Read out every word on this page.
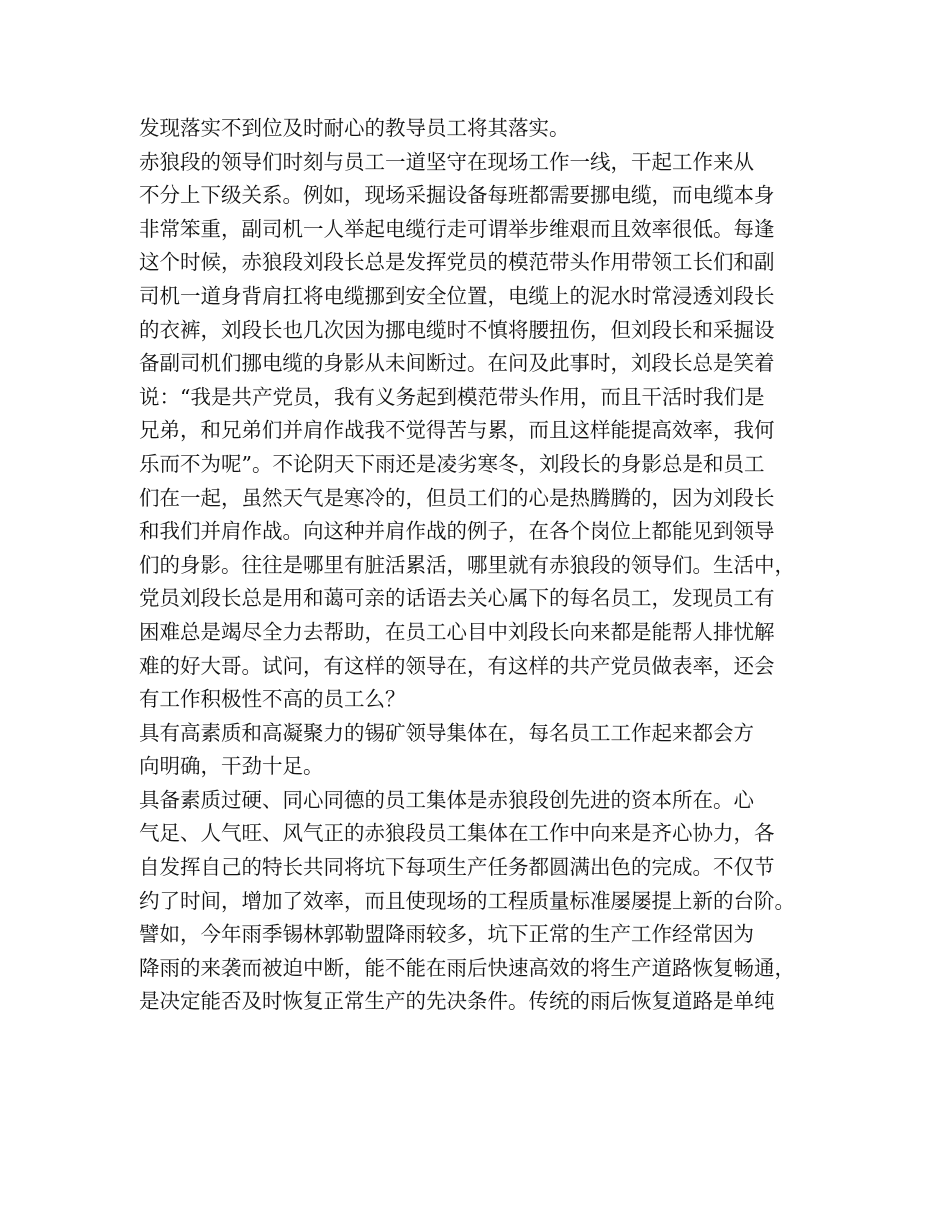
发现落实不到位及时耐心的教导员工将其落实。
赤狼段的领导们时刻与员工一道坚守在现场工作一线，干起工作来从
不分上下级关系。例如，现场采掘设备每班都需要挪电缆，而电缆本身
非常笨重，副司机一人举起电缆行走可谓举步维艰而且效率很低。每逢
这个时候，赤狼段刘段长总是发挥党员的模范带头作用带领工长们和副
司机一道身背肩扛将电缆挪到安全位置，电缆上的泥水时常浸透刘段长
的衣裤，刘段长也几次因为挪电缆时不慎将腰扭伤，但刘段长和采掘设
备副司机们挪电缆的身影从未间断过。在问及此事时，刘段长总是笑着
说：“我是共产党员，我有义务起到模范带头作用，而且干活时我们是
兄弟，和兄弟们并肩作战我不觉得苦与累，而且这样能提高效率，我何
乐而不为呢”。不论阴天下雨还是凌劣寒冬，刘段长的身影总是和员工
们在一起，虽然天气是寒冷的，但员工们的心是热腾腾的，因为刘段长
和我们并肩作战。向这种并肩作战的例子，在各个岗位上都能见到领导
们的身影。往往是哪里有脏活累活，哪里就有赤狼段的领导们。生活中，
党员刘段长总是用和蔼可亲的话语去关心属下的每名员工，发现员工有
困难总是竭尽全力去帮助，在员工心目中刘段长向来都是能帮人排忧解
难的好大哥。试问，有这样的领导在，有这样的共产党员做表率，还会
有工作积极性不高的员工么？
具有高素质和高凝聚力的锡矿领导集体在，每名员工工作起来都会方
向明确，干劲十足。
具备素质过硬、同心同德的员工集体是赤狼段创先进的资本所在。心
气足、人气旺、风气正的赤狼段员工集体在工作中向来是齐心协力，各
自发挥自己的特长共同将坑下每项生产任务都圆满出色的完成。不仅节
约了时间，增加了效率，而且使现场的工程质量标准屡屡提上新的台阶。
譬如，今年雨季锡林郭勒盟降雨较多，坑下正常的生产工作经常因为
降雨的来袭而被迫中断，能不能在雨后快速高效的将生产道路恢复畅通，
是决定能否及时恢复正常生产的先决条件。传统的雨后恢复道路是单纯
